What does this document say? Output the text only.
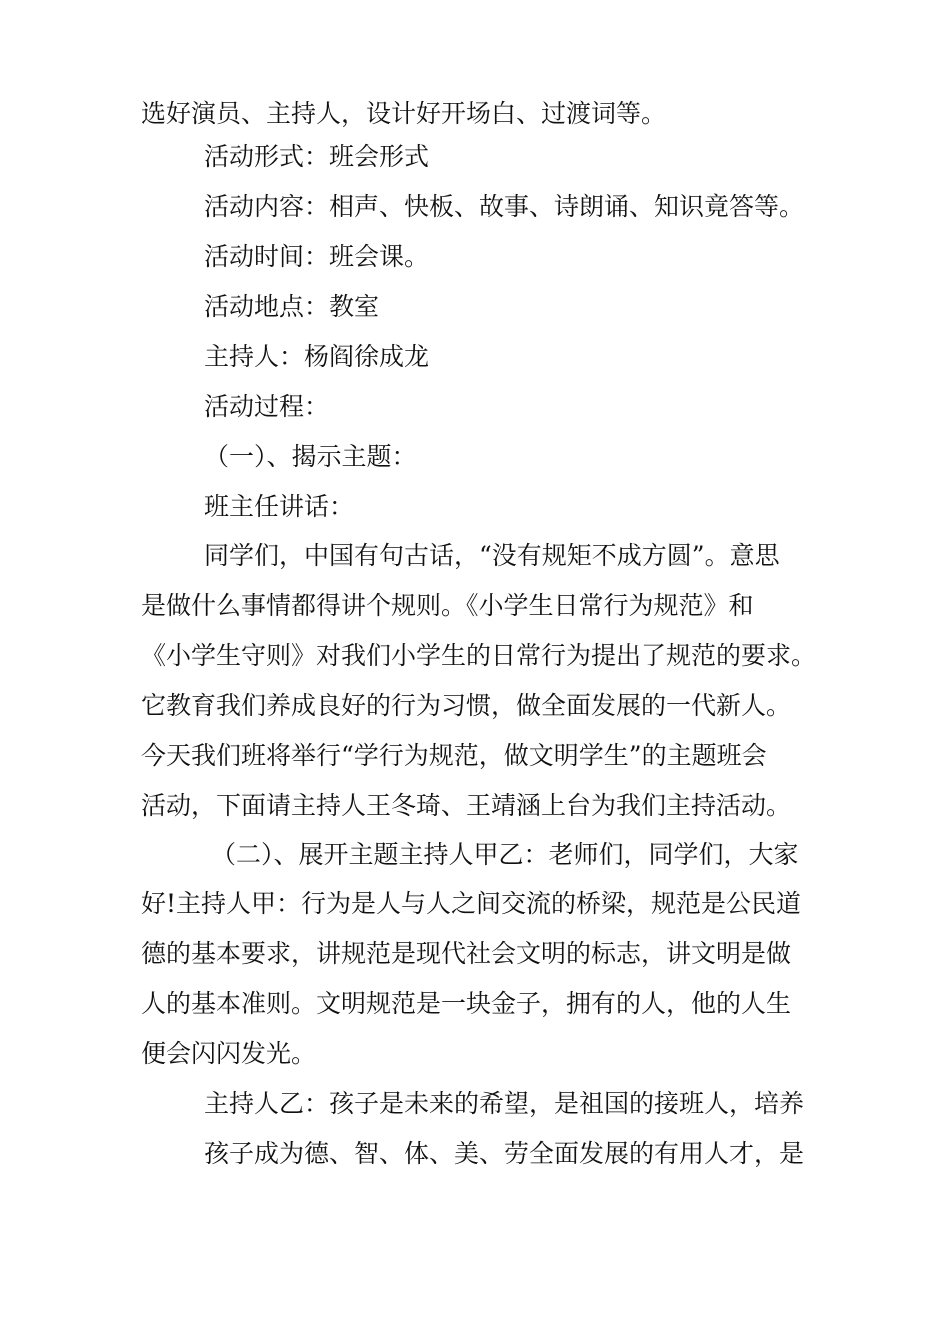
选好演员、主持人，设计好开场白、过渡词等。
活动形式：班会形式
活动内容：相声、快板、故事、诗朗诵、知识竟答等。
活动时间：班会课。
活动地点：教室
主持人：杨阎徐成龙
活动过程：
（一）、揭示主题：
班主任讲话：
同学们，中国有句古话，“没有规矩不成方圆”。意思
是做什么事情都得讲个规则。《小学生日常行为规范》和
《小学生守则》对我们小学生的日常行为提出了规范的要求。
它教育我们养成良好的行为习惯，做全面发展的一代新人。
今天我们班将举行“学行为规范，做文明学生”的主题班会
活动，下面请主持人王冬琦、王靖涵上台为我们主持活动。
（二）、展开主题主持人甲乙：老师们，同学们，大家
好!主持人甲：行为是人与人之间交流的桥梁，规范是公民道
德的基本要求，讲规范是现代社会文明的标志，讲文明是做
人的基本准则。文明规范是一块金子，拥有的人，他的人生
便会闪闪发光。
主持人乙：孩子是未来的希望，是祖国的接班人，培养
孩子成为德、智、体、美、劳全面发展的有用人才，是
